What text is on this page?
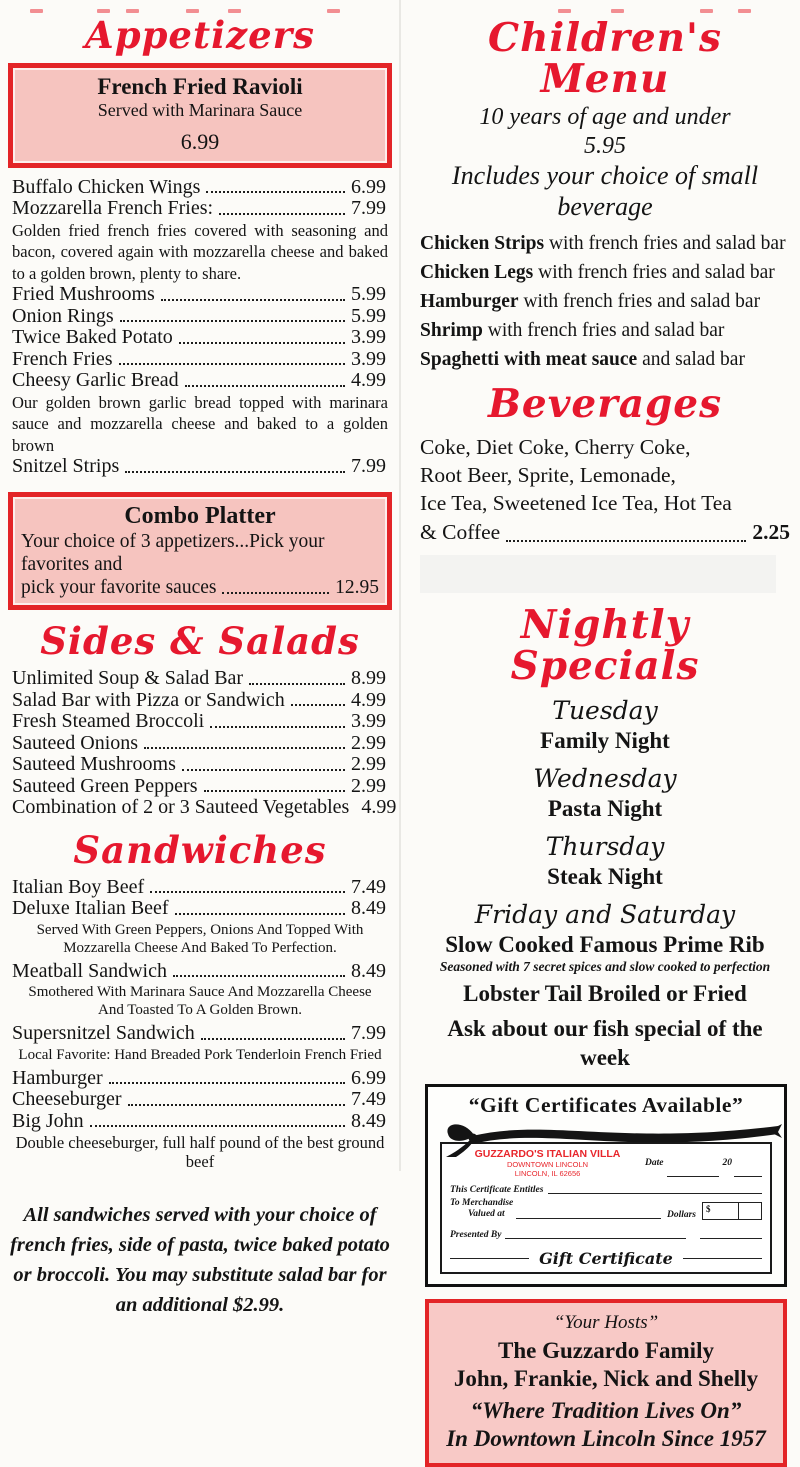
Appetizers
French Fried Ravioli
Served with Marinara Sauce
6.99
Buffalo Chicken Wings	6.99
Mozzarella French Fries:	7.99
Golden fried french fries covered with seasoning and bacon, covered again with mozzarella cheese and baked to a golden brown, plenty to share.
Fried Mushrooms	5.99
Onion Rings	5.99
Twice Baked Potato	3.99
French Fries	3.99
Cheesy Garlic Bread	4.99
Our golden brown garlic bread topped with marinara sauce and mozzarella cheese and baked to a golden brown
Snitzel Strips	7.99
Combo Platter
Your choice of 3 appetizers...Pick your favorites and
pick your favorite sauces	12.95
Sides & Salads
Unlimited Soup & Salad Bar	8.99
Salad Bar with Pizza or Sandwich	4.99
Fresh Steamed Broccoli	3.99
Sauteed Onions	2.99
Sauteed Mushrooms	2.99
Sauteed Green Peppers	2.99
Combination of 2 or 3 Sauteed Vegetables 4.99
Sandwiches
Italian Boy Beef	7.49
Deluxe Italian Beef	8.49
Served With Green Peppers, Onions And Topped With Mozzarella Cheese And Baked To Perfection.
Meatball Sandwich	8.49
Smothered With Marinara Sauce And Mozzarella Cheese And Toasted To A Golden Brown.
Supersnitzel Sandwich	7.99
Local Favorite: Hand Breaded Pork Tenderloin French Fried
Hamburger	6.99
Cheeseburger	7.49
Big John	8.49
Double cheeseburger, full half pound of the best ground beef
All sandwiches served with your choice of french fries, side of pasta, twice baked potato or broccoli. You may substitute salad bar for an additional $2.99.
Children's Menu
10 years of age and under
5.95
Includes your choice of small beverage
Chicken Strips with french fries and salad bar
Chicken Legs with french fries and salad bar
Hamburger with french fries and salad bar
Shrimp with french fries and salad bar
Spaghetti with meat sauce and salad bar
Beverages
Coke, Diet Coke, Cherry Coke,
Root Beer, Sprite, Lemonade,
Ice Tea, Sweetened Ice Tea, Hot Tea
& Coffee	2.25
Nightly Specials
Tuesday
Family Night
Wednesday
Pasta Night
Thursday
Steak Night
Friday and Saturday
Slow Cooked Famous Prime Rib
Seasoned with 7 secret spices and slow cooked to perfection
Lobster Tail Broiled or Fried
Ask about our fish special of the week
“Gift Certificates Available”
GUZZARDO'S ITALIAN VILLA
DOWNTOWN LINCOLN
LINCOLN, IL 62656
Date	20
This Certificate Entitles
To Merchandise
Valued at	Dollars
$
Presented By
Gift Certificate
“Your Hosts”
The Guzzardo Family
John, Frankie, Nick and Shelly
“Where Tradition Lives On”
In Downtown Lincoln Since 1957
